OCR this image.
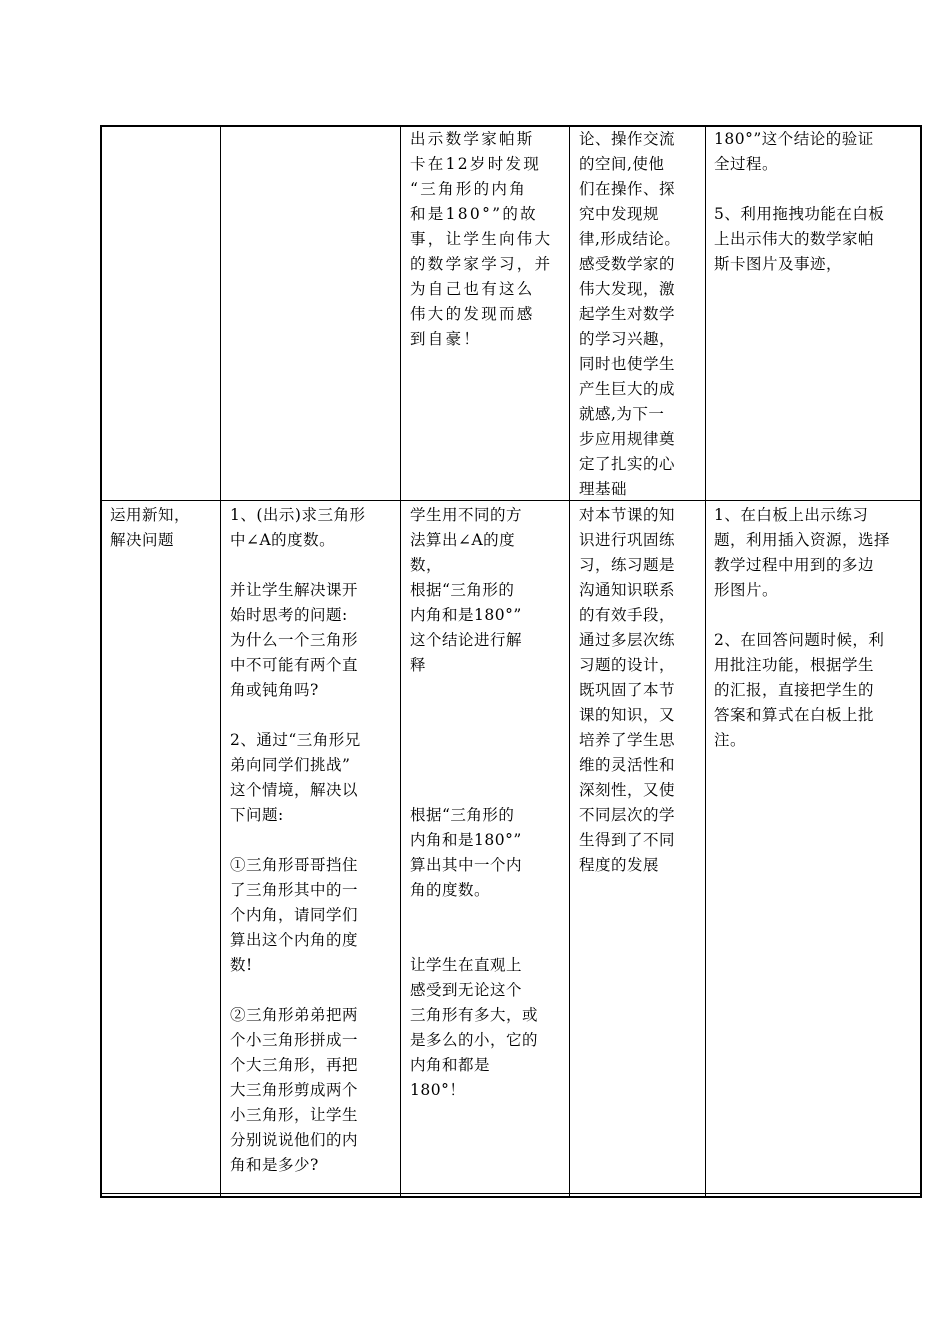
出示数学家帕斯
卡在12岁时发现
“三角形的内角
和是180°”的故
事，让学生向伟大
的数学家学习，并
为自己也有这么
伟大的发现而感
到自豪！
论、操作交流
的空间,使他
们在操作、探
究中发现规
律,形成结论。
感受数学家的
伟大发现，激
起学生对数学
的学习兴趣，
同时也使学生
产生巨大的成
就感,为下一
步应用规律奠
定了扎实的心
理基础
180°”这个结论的验证
全过程。

5、利用拖拽功能在白板
上出示伟大的数学家帕
斯卡图片及事迹，
运用新知，
解决问题
1、(出示)求三角形
中∠A的度数。

并让学生解决课开
始时思考的问题:
为什么一个三角形
中不可能有两个直
角或钝角吗?

2、通过“三角形兄
弟向同学们挑战”
这个情境，解决以
下问题:

①三角形哥哥挡住
了三角形其中的一
个内角，请同学们
算出这个内角的度
数!

②三角形弟弟把两
个小三角形拼成一
个大三角形，再把
大三角形剪成两个
小三角形，让学生
分别说说他们的内
角和是多少?
学生用不同的方
法算出∠A的度
数，
根据“三角形的
内角和是180°”
这个结论进行解
释

根据“三角形的
内角和是180°”
算出其中一个内
角的度数。

让学生在直观上
感受到无论这个
三角形有多大，或
是多么的小，它的
内角和都是
180°！
对本节课的知
识进行巩固练
习，练习题是
沟通知识联系
的有效手段，
通过多层次练
习题的设计，
既巩固了本节
课的知识，又
培养了学生思
维的灵活性和
深刻性，又使
不同层次的学
生得到了不同
程度的发展
1、在白板上出示练习
题，利用插入资源，选择
教学过程中用到的多边
形图片。

2、在回答问题时候，利
用批注功能，根据学生
的汇报，直接把学生的
答案和算式在白板上批
注。
